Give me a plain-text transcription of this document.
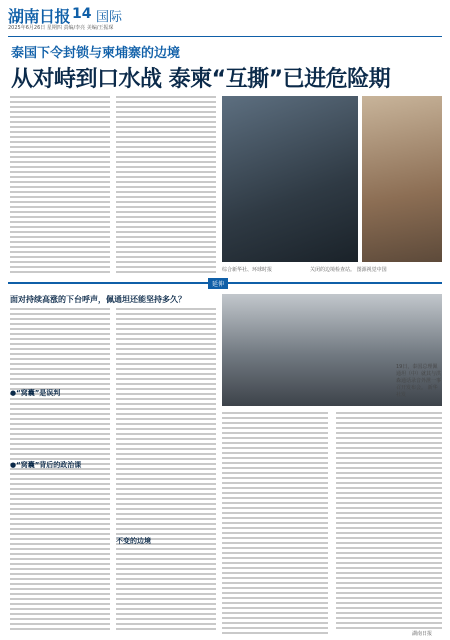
湖南日报 14 国际
2025年6月26日 星期四 责编/李亮 美编/王振琛
泰国下令封锁与柬埔寨的边境
从对峙到口水战 泰柬“互撕”已进危险期
综合新华社、环球时报	关闭的边境检查站。 图源视觉中国
延伸
面对持续高涨的下台呼声，佩通坦还能坚持多久？
●“窝囊”是误判
●“窝囊”背后的政治课
不变的边境
19日，泰国总理佩通坦（中）就其与洪森通话录音外泄一事召开发布会。 新华社发
湖南日报
